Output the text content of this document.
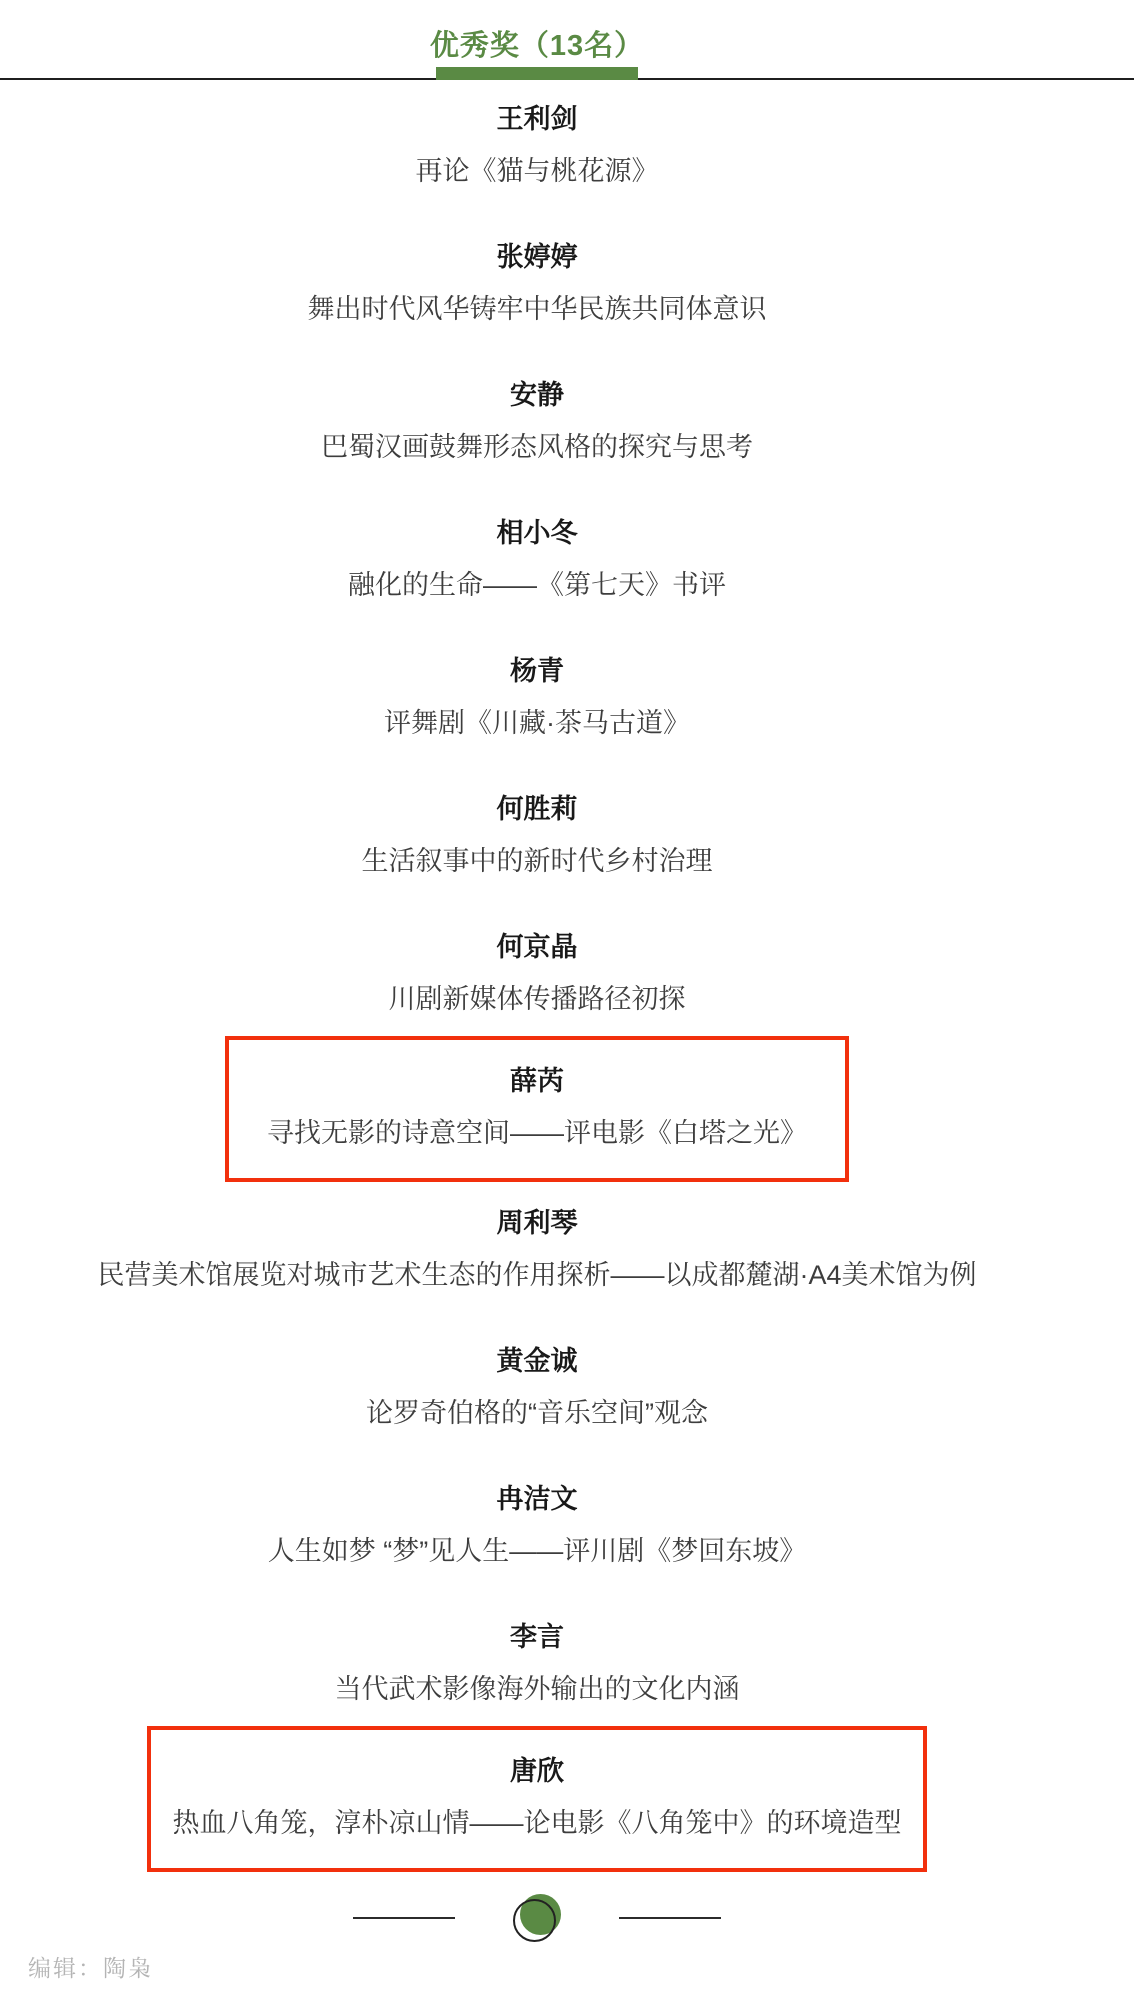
优秀奖（13名）
王利剑
再论《猫与桃花源》
张婷婷
舞出时代风华铸牢中华民族共同体意识
安静
巴蜀汉画鼓舞形态风格的探究与思考
相小冬
融化的生命——《第七天》书评
杨青
评舞剧《川藏·茶马古道》
何胜莉
生活叙事中的新时代乡村治理
何京晶
川剧新媒体传播路径初探
薛芮
寻找无影的诗意空间——评电影《白塔之光》
周利琴
民营美术馆展览对城市艺术生态的作用探析——以成都麓湖·A4美术馆为例
黄金诚
论罗奇伯格的“音乐空间”观念
冉洁文
人生如梦 “梦”见人生——评川剧《梦回东坡》
李言
当代武术影像海外输出的文化内涵
唐欣
热血八角笼，淳朴凉山情——论电影《八角笼中》的环境造型
编辑：陶枭
